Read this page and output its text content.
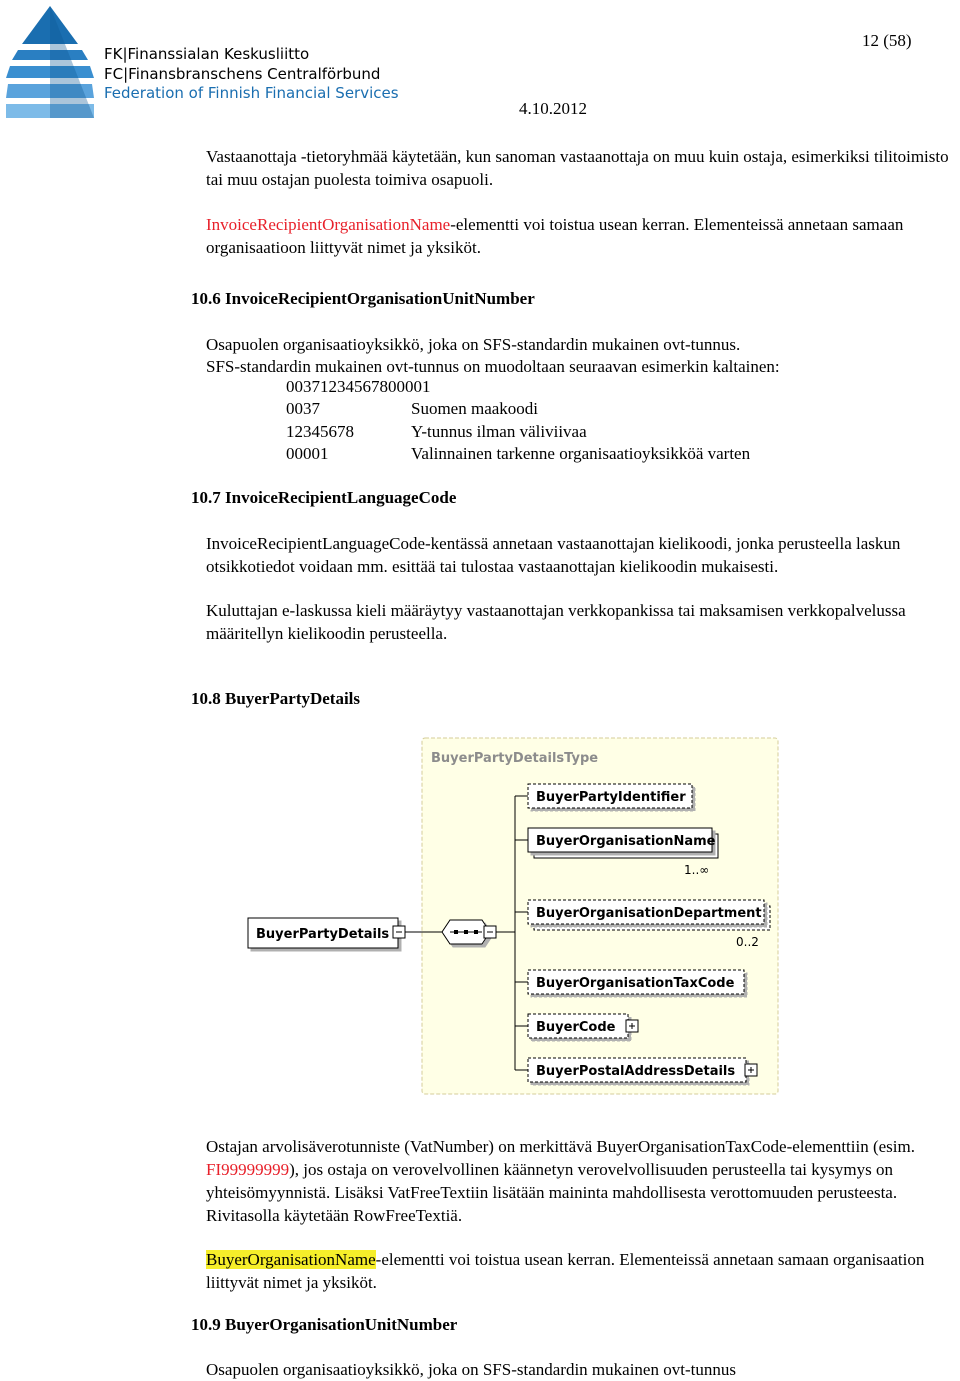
FK|Finanssialan Keskusliitto
FC|Finansbranschens Centralförbund
Federation of Finnish Financial Services
12 (58)
4.10.2012
Vastaanottaja -tietoryhmää käytetään, kun sanoman vastaanottaja on muu kuin ostaja, esimerkiksi tilitoimisto tai muu ostajan puolesta toimiva osapuoli.
InvoiceRecipientOrganisationName-elementti voi toistua usean kerran. Elementeissä annetaan samaan organisaatioon liittyvät nimet ja yksiköt.
10.6 InvoiceRecipientOrganisationUnitNumber
Osapuolen organisaatioyksikkö, joka on SFS-standardin mukainen ovt-tunnus.
SFS-standardin mukainen ovt-tunnus on muodoltaan seuraavan esimerkin kaltainen:
00371234567800001
0037	Suomen maakoodi
12345678	Y-tunnus ilman väliviivaa
00001	Valinnainen tarkenne organisaatioyksikköä varten
10.7 InvoiceRecipientLanguageCode
InvoiceRecipientLanguageCode-kentässä annetaan vastaanottajan kielikoodi, jonka perusteella laskun otsikkotiedot voidaan mm. esittää tai tulostaa vastaanottajan kielikoodin mukaisesti.
Kuluttajan e-laskussa kieli määräytyy vastaanottajan verkkopankissa tai maksamisen verkkopalvelussa määritellyn kielikoodin perusteella.
10.8 BuyerPartyDetails
BuyerPartyDetailsType
BuyerPartyDetails
BuyerPartyIdentifier
BuyerOrganisationName
1..∞
BuyerOrganisationDepartment
0..2
BuyerOrganisationTaxCode
BuyerCode
BuyerPostalAddressDetails
Ostajan arvolisäverotunniste (VatNumber) on merkittävä BuyerOrganisationTaxCode-elementtiin (esim. FI99999999), jos ostaja on verovelvollinen käännetyn verovelvollisuuden perusteella tai kysymys on yhteisömyynnistä. Lisäksi VatFreeTextiin lisätään maininta mahdollisesta verottomuuden perusteesta. Rivitasolla käytetään RowFreeTextiä.
BuyerOrganisationName-elementti voi toistua usean kerran. Elementeissä annetaan samaan organisaation liittyvät nimet ja yksiköt.
10.9 BuyerOrganisationUnitNumber
Osapuolen organisaatioyksikkö, joka on SFS-standardin mukainen ovt-tunnus
